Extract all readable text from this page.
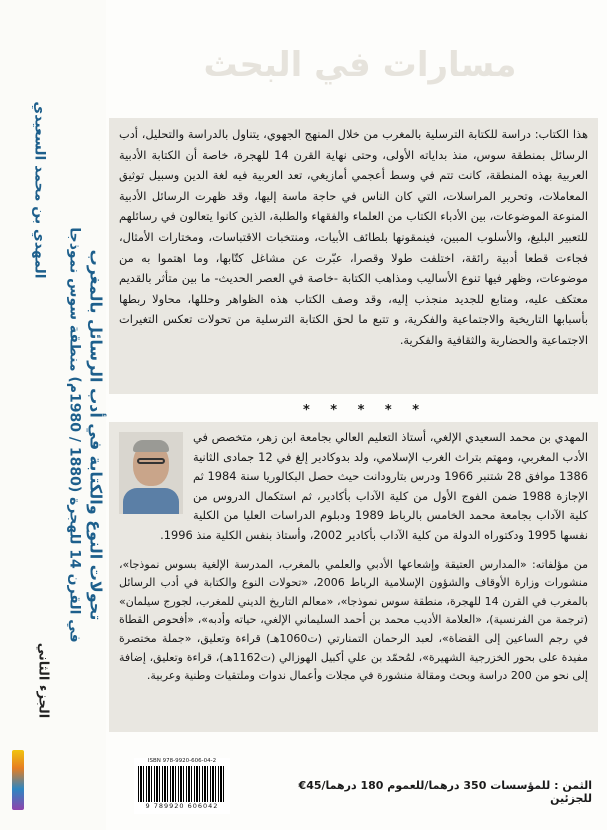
المهدي بن محمد السعيدي
تحولات النوع والكتابة في أدب الرسائل بالمغرب
في القرن 14 للهجرة (1880 / 1980م) منطقة سوس نموذجا
الجزء الثاني
مسارات في البحث

هذا الكتاب: دراسة للكتابة الترسلية بالمغرب من خلال المنهج الجهوي، يتناول بالدراسة والتحليل، أدب الرسائل بمنطقة سوس، منذ بداياته الأولى، وحتى نهاية القرن 14 للهجرة، خاصة أن الكتابة الأدبية العربية بهذه المنطقة، كانت تتم في وسط أعجمي أمازيغي، تعد العربية فيه لغة الدين وسبيل توثيق المعاملات، وتحرير المراسلات، التي كان الناس في حاجة ماسة إليها، وقد ظهرت الرسائل الأدبية المنوعة الموضوعات، بين الأدباء الكتاب من العلماء والفقهاء والطلبة، الذين كانوا يتعالون في رسائلهم للتعبير البليغ، والأسلوب المبين، فينمقونها بلطائف الأبيات، ومنتخبات الاقتباسات، ومختارات الأمثال، فجاءت قطعا أدبية رائقة، اختلفت طولا وقصرا، عبّرت عن مشاغل كتّابها، وما اهتموا به من موضوعات، وظهر فيها تنوع الأساليب ومذاهب الكتابة -خاصة في العصر الحديث- ما بين متأثر بالقديم معتكف عليه، ومتابع للجديد منجذب إليه، وقد وصف الكتاب هذه الظواهر وحللها، محاولا ربطها بأسبابها التاريخية والاجتماعية والفكرية، و تتبع ما لحق الكتابة الترسلية من تحولات تعكس التغيرات الاجتماعية والحضارية والثقافية والفكرية.

* * * * *

المهدي بن محمد السعيدي الإلغي، أستاذ التعليم العالي بجامعة ابن زهر، متخصص في الأدب المغربي، ومهتم بتراث الغرب الإسلامي، ولد بدوكادير إلغ في 12 جمادى الثانية 1386 موافق 28 شتنبر 1966 ودرس بتارودانت حيث حصل البكالوريا سنة 1984 ثم الإجازة 1988 ضمن الفوج الأول من كلية الآداب بأكادير، ثم استكمال الدروس من كلية الآداب بجامعة محمد الخامس بالرباط 1989 ودبلوم الدراسات العليا من الكلية نفسها 1995 ودكتوراه الدولة من كلية الآداب بأكادير 2002، وأستاذ بنفس الكلية منذ 1996.

من مؤلفاته: «المدارس العتيقة وإشعاعها الأدبي والعلمي بالمغرب، المدرسة الإلغية بسوس نموذجا»، منشورات وزارة الأوقاف والشؤون الإسلامية الرباط 2006، «تحولات النوع والكتابة في أدب الرسائل بالمغرب في القرن 14 للهجرة، منطقة سوس نموذجا»، «معالم التاريخ الديني للمغرب، لجورج سيلمان» (ترجمة من الفرنسية)، «العلامة الأديب محمد بن أحمد السليماني الإلغي، حياته وأدبه»، «أفحوص القطاة في رجم الساعين إلى القضاة»، لعبد الرحمان التمنارتي (ت1060هـ) قراءة وتعليق، «جملة مختصرة مفيدة على بحور الخزرجية الشهيرة»، لمُحمّد بن علي أكبيل الهوزالي (ت1162هـ)، قراءة وتعليق، إضافة إلى نحو من 200 دراسة وبحث ومقالة منشورة في مجلات وأعمال ندوات وملتقيات وطنية وعربية.

ISBN 978-9920-606-04-2
9 789920 606042
الثمن : للمؤسسات 350 درهما/للعموم 180 درهما/45€ للجزئين
